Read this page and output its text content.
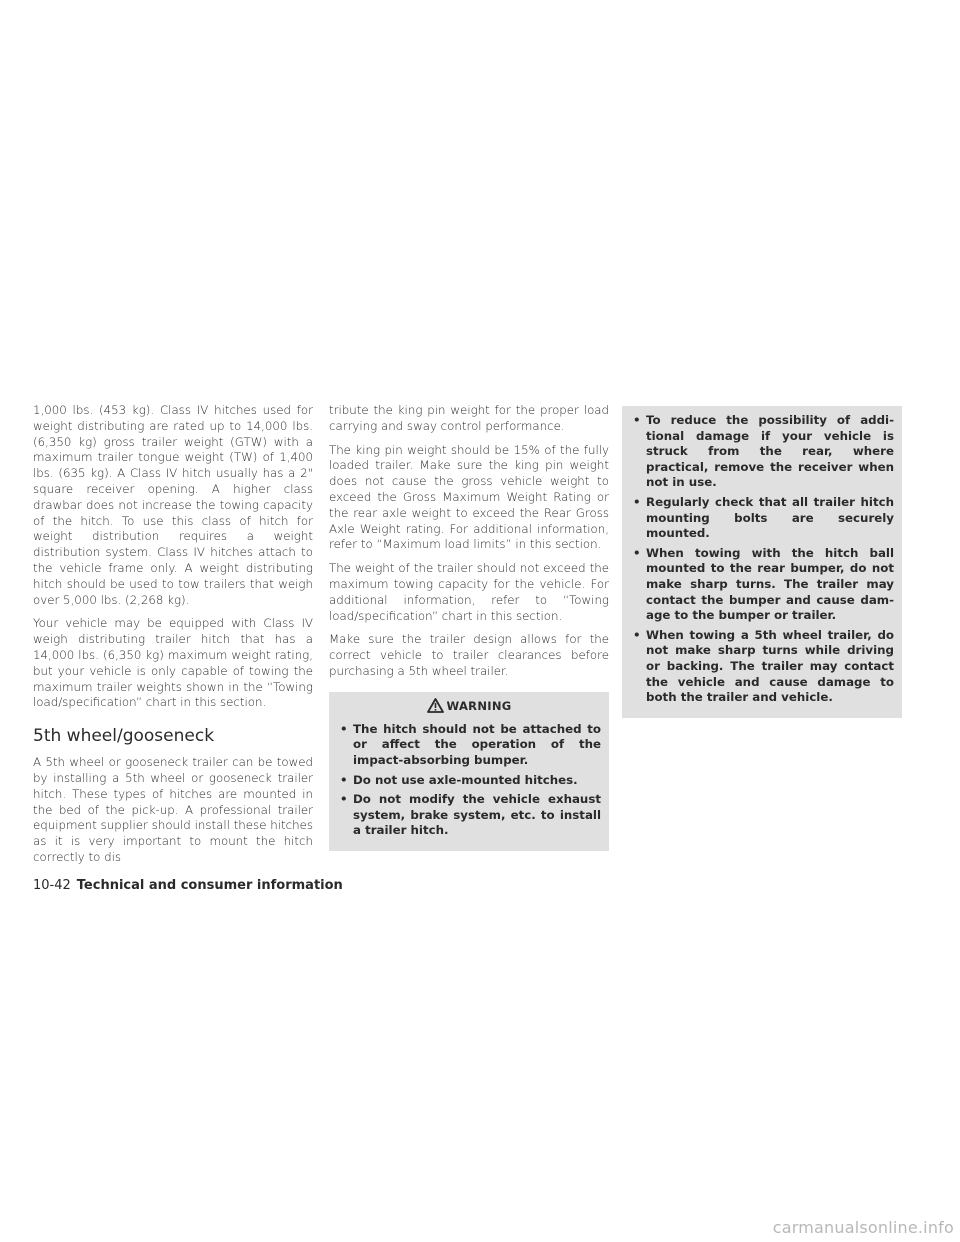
1,000 lbs. (453 kg). Class IV hitches used for weight distributing are rated up to 14,000 lbs. (6,350 kg) gross trailer weight (GTW) with a maximum trailer tongue weight (TW) of 1,400 lbs. (635 kg). A Class IV hitch usually has a 2" square receiver opening. A higher class drawbar does not increase the towing capacity of the hitch. To use this class of hitch for weight distribution requires a weight distribution system. Class IV hitches attach to the vehicle frame only. A weight distributing hitch should be used to tow trailers that weigh over 5,000 lbs. (2,268 kg).

Your vehicle may be equipped with Class IV weigh distributing trailer hitch that has a 14,000 lbs. (6,350 kg) maximum weight rating, but your vehicle is only capable of towing the maximum trailer weights shown in the “Towing load/specification” chart in this section.

5th wheel/gooseneck

A 5th wheel or gooseneck trailer can be towed by installing a 5th wheel or gooseneck trailer hitch. These types of hitches are mounted in the bed of the pick-up. A professional trailer equipment supplier should install these hitches as it is very important to mount the hitch correctly to dis

tribute the king pin weight for the proper load carrying and sway control performance.

The king pin weight should be 15% of the fully loaded trailer. Make sure the king pin weight does not cause the gross vehicle weight to exceed the Gross Maximum Weight Rating or the rear axle weight to exceed the Rear Gross Axle Weight rating. For additional information, refer to “Maximum load limits” in this section.

The weight of the trailer should not exceed the maximum towing capacity for the vehicle. For additional information, refer to “Towing load/specification” chart in this section.

Make sure the trailer design allows for the correct vehicle to trailer clearances before purchasing a 5th wheel trailer.

WARNING
• The hitch should not be attached to or affect the operation of the impact-absorbing bumper.
• Do not use axle-mounted hitches.
• Do not modify the vehicle exhaust system, brake system, etc. to install a trailer hitch.
• To reduce the possibility of additional damage if your vehicle is struck from the rear, where practical, remove the receiver when not in use.
• Regularly check that all trailer hitch mounting bolts are securely mounted.
• When towing with the hitch ball mounted to the rear bumper, do not make sharp turns. The trailer may contact the bumper and cause damage to the bumper or trailer.
• When towing a 5th wheel trailer, do not make sharp turns while driving or backing. The trailer may contact the vehicle and cause damage to both the trailer and vehicle.
10-42 Technical and consumer information
carmanualsonline.info
